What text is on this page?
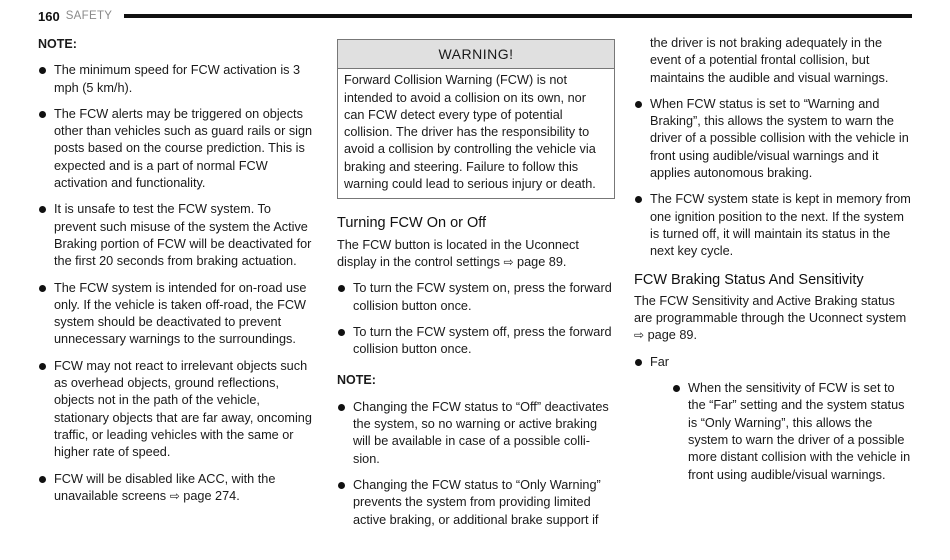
160 SAFETY
NOTE:
The minimum speed for FCW activation is 3 mph (5 km/h).
The FCW alerts may be triggered on objects other than vehicles such as guard rails or sign posts based on the course prediction. This is expected and is a part of normal FCW activation and functionality.
It is unsafe to test the FCW system. To prevent such misuse of the system the Active Braking portion of FCW will be deactivated for the first 20 seconds from braking actuation.
The FCW system is intended for on-road use only. If the vehicle is taken off-road, the FCW system should be deactivated to prevent unnecessary warnings to the surroundings.
FCW may not react to irrelevant objects such as overhead objects, ground reflections, objects not in the path of the vehicle, stationary objects that are far away, oncoming traffic, or leading vehicles with the same or higher rate of speed.
FCW will be disabled like ACC, with the unavailable screens ⇨ page 274.
WARNING!
Forward Collision Warning (FCW) is not intended to avoid a collision on its own, nor can FCW detect every type of potential collision. The driver has the responsibility to avoid a collision by controlling the vehicle via braking and steering. Failure to follow this warning could lead to serious injury or death.
Turning FCW On or Off

The FCW button is located in the Uconnect display in the control settings ⇨ page 89.

To turn the FCW system on, press the forward collision button once.
To turn the FCW system off, press the forward collision button once.
NOTE:
Changing the FCW status to “Off” deactivates the system, so no warning or active braking will be available in case of a possible colli-sion.
Changing the FCW status to “Only Warning” prevents the system from providing limited active braking, or additional brake support if

the driver is not braking adequately in the event of a potential frontal collision, but maintains the audible and visual warnings.

When FCW status is set to “Warning and Braking”, this allows the system to warn the driver of a possible collision with the vehicle in front using audible/visual warnings and it applies autonomous braking.
The FCW system state is kept in memory from one ignition position to the next. If the system is turned off, it will maintain its status in the next key cycle.
FCW Braking Status And Sensitivity

The FCW Sensitivity and Active Braking status are programmable through the Uconnect system ⇨ page 89.

Far
When the sensitivity of FCW is set to the “Far” setting and the system status is “Only Warning”, this allows the system to warn the driver of a possible more distant collision with the vehicle in front using audible/visual warnings.
